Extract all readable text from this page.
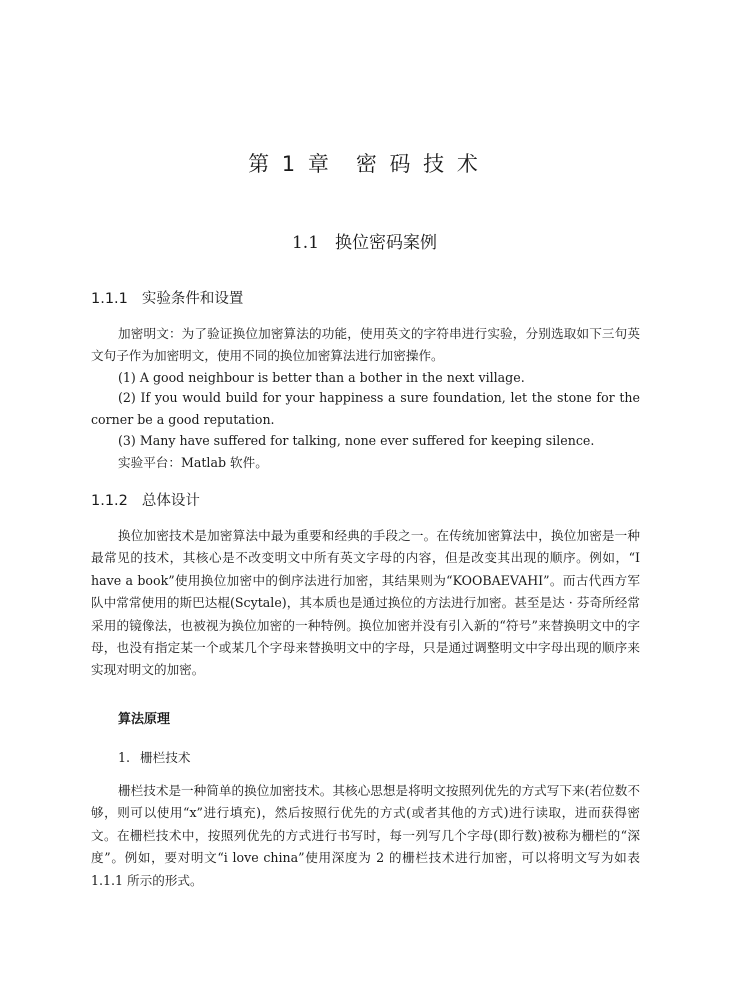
第 1 章　密 码 技 术
1.1 换位密码案例
1.1.1 实验条件和设置

加密明文：为了验证换位加密算法的功能，使用英文的字符串进行实验，分别选取如下三句英文句子作为加密明文，使用不同的换位加密算法进行加密操作。

(1) A good neighbour is better than a bother in the next village.

(2) If you would build for your happiness a sure foundation, let the stone for the corner be a good reputation.

(3) Many have suffered for talking, none ever suffered for keeping silence.

实验平台：Matlab 软件。

1.1.2 总体设计

换位加密技术是加密算法中最为重要和经典的手段之一。在传统加密算法中，换位加密是一种最常见的技术，其核心是不改变明文中所有英文字母的内容，但是改变其出现的顺序。例如，“I have a book”使用换位加密中的倒序法进行加密，其结果则为“KOOBAEVAHI”。而古代西方军队中常常使用的斯巴达棍(Scytale)，其本质也是通过换位的方法进行加密。甚至是达 · 芬奇所经常采用的镜像法，也被视为换位加密的一种特例。换位加密并没有引入新的“符号”来替换明文中的字母，也没有指定某一个或某几个字母来替换明文中的字母，只是通过调整明文中字母出现的顺序来实现对明文的加密。

算法原理

1. 栅栏技术

栅栏技术是一种简单的换位加密技术。其核心思想是将明文按照列优先的方式写下来(若位数不够，则可以使用“x”进行填充)，然后按照行优先的方式(或者其他的方式)进行读取，进而获得密文。在栅栏技术中，按照列优先的方式进行书写时，每一列写几个字母(即行数)被称为栅栏的“深度”。例如，要对明文“i love china”使用深度为 2 的栅栏技术进行加密，可以将明文写为如表 1.1.1 所示的形式。
